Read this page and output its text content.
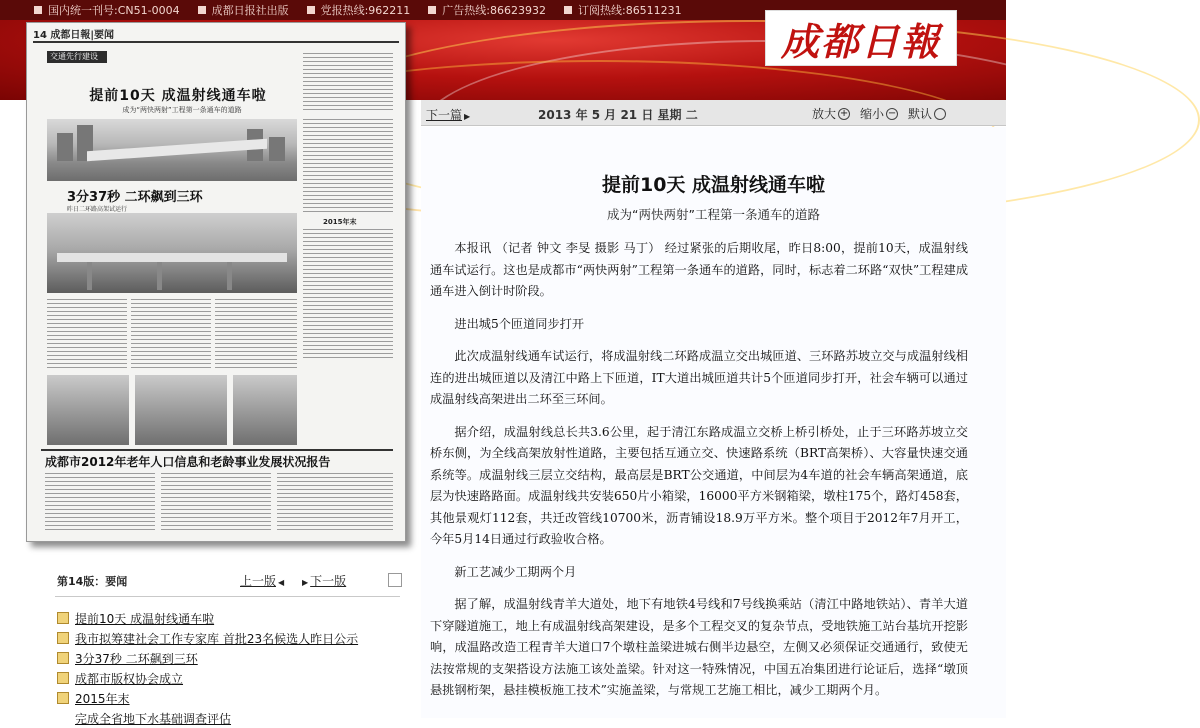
国内统一刊号:CN51-0004	成都日报社出版	党报热线:962211	广告热线:86623932	订阅热线:86511231
成都日報
14 成都日報|要闻
交通先行建设
提前10天 成温射线通车啦
成为“两快两射”工程第一条通车的道路
3分37秒 二环飙到三环
昨日二环路高架试运行
2015年末
成都市2012年老年人口信息和老龄事业发展状况报告
第14版：要闻	上一版 ◀ ▶ 下一版
提前10天 成温射线通车啦
我市拟筹建社会工作专家库 首批23名候选人昨日公示
3分37秒 二环飙到三环
成都市版权协会成立
2015年末
完成全省地下水基础调查评估
下一篇 ▶	2013 年 5 月 21 日 星期 二	放大 + 缩小 − 默认
提前10天 成温射线通车啦
成为“两快两射”工程第一条通车的道路

本报讯 （记者 钟文 李旻 摄影 马丁） 经过紧张的后期收尾，昨日8:00，提前10天，成温射线通车试运行。这也是成都市“两快两射”工程第一条通车的道路，同时，标志着二环路“双快”工程建成通车进入倒计时阶段。

进出城5个匝道同步打开

此次成温射线通车试运行，将成温射线二环路成温立交出城匝道、三环路苏坡立交与成温射线相连的进出城匝道以及清江中路上下匝道，IT大道出城匝道共计5个匝道同步打开，社会车辆可以通过成温射线高架进出二环至三环间。

据介绍，成温射线总长共3.6公里，起于清江东路成温立交桥上桥引桥处，止于三环路苏坡立交桥东侧，为全线高架放射性道路，主要包括互通立交、快速路系统（BRT高架桥）、大容量快速交通系统等。成温射线三层立交结构，最高层是BRT公交通道，中间层为4车道的社会车辆高架通道，底层为快速路路面。成温射线共安装650片小箱梁，16000平方米钢箱梁，墩柱175个，路灯458套，其他景观灯112套，共迁改管线10700米，沥青铺设18.9万平方米。整个项目于2012年7月开工，今年5月14日通过行政验收合格。

新工艺减少工期两个月

据了解，成温射线青羊大道处，地下有地铁4号线和7号线换乘站（清江中路地铁站）、青羊大道下穿隧道施工，地上有成温射线高架建设，是多个工程交叉的复杂节点，受地铁施工站台基坑开挖影响，成温路改造工程青羊大道口7个墩柱盖梁进城右侧半边悬空，左侧又必须保证交通通行，致使无法按常规的支架搭设方法施工该处盖梁。针对这一特殊情况，中国五冶集团进行论证后，选择“墩顶悬挑钢桁架，悬挂模板施工技术”实施盖梁，与常规工艺施工相比，减少工期两个月。
